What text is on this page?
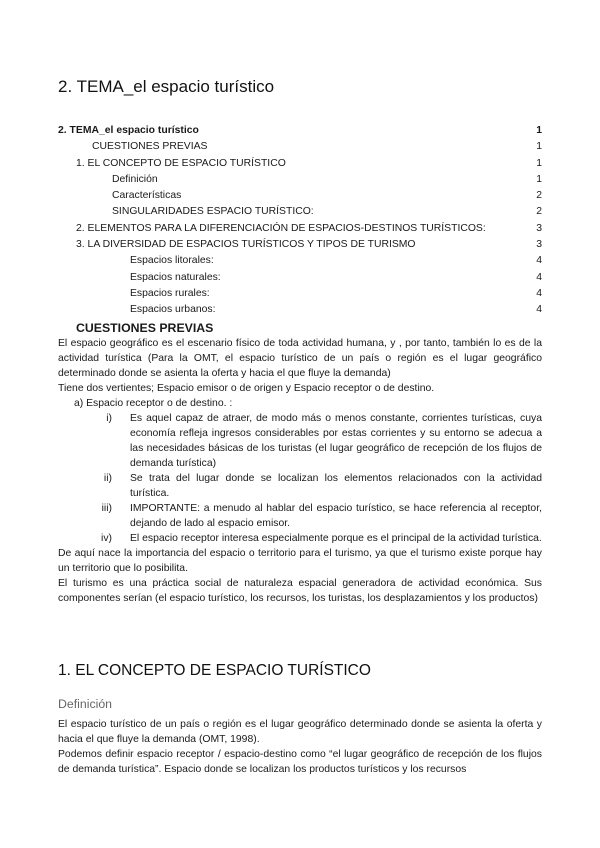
2. TEMA_el espacio turístico
2. TEMA_el espacio turístico	1
CUESTIONES PREVIAS	1
1. EL CONCEPTO DE ESPACIO TURÍSTICO	1
Definición	1
Características	2
SINGULARIDADES ESPACIO TURÍSTICO:	2
2. ELEMENTOS PARA LA DIFERENCIACIÓN DE ESPACIOS-DESTINOS TURÍSTICOS:	3
3. LA DIVERSIDAD DE ESPACIOS TURÍSTICOS Y TIPOS DE TURISMO	3
Espacios litorales:	4
Espacios naturales:	4
Espacios rurales:	4
Espacios urbanos:	4
CUESTIONES PREVIAS

El espacio geográfico es el escenario físico de toda actividad humana, y , por tanto, también lo es de la actividad turística (Para la OMT, el espacio turístico de un país o región es el lugar geográfico determinado donde se asienta la oferta y hacia el que fluye la demanda)

Tiene dos vertientes; Espacio emisor o de origen y Espacio receptor o de destino.

a) Espacio receptor o de destino. :

i)	Es aquel capaz de atraer, de modo más o menos constante, corrientes turísticas, cuya economía refleja ingresos considerables por estas corrientes y su entorno se adecua a las necesidades básicas de los turistas (el lugar geográfico de recepción de los flujos de demanda turística)
ii)	Se trata del lugar donde se localizan los elementos relacionados con la actividad turística.
iii)	IMPORTANTE: a menudo al hablar del espacio turístico, se hace referencia al receptor, dejando de lado al espacio emisor.
iv)	El espacio receptor interesa especialmente porque es el principal de la actividad turística.

De aquí nace la importancia del espacio o territorio para el turismo, ya que el turismo existe porque hay un territorio que lo posibilita.

El turismo es una práctica social de naturaleza espacial generadora de actividad económica. Sus componentes serían (el espacio turístico, los recursos, los turistas, los desplazamientos y los productos)

1. EL CONCEPTO DE ESPACIO TURÍSTICO
Definición

El espacio turístico de un país o región es el lugar geográfico determinado donde se asienta la oferta y hacia el que fluye la demanda (OMT, 1998).

Podemos definir espacio receptor / espacio-destino como “el lugar geográfico de recepción de los flujos de demanda turística”. Espacio donde se localizan los productos turísticos y los recursos
